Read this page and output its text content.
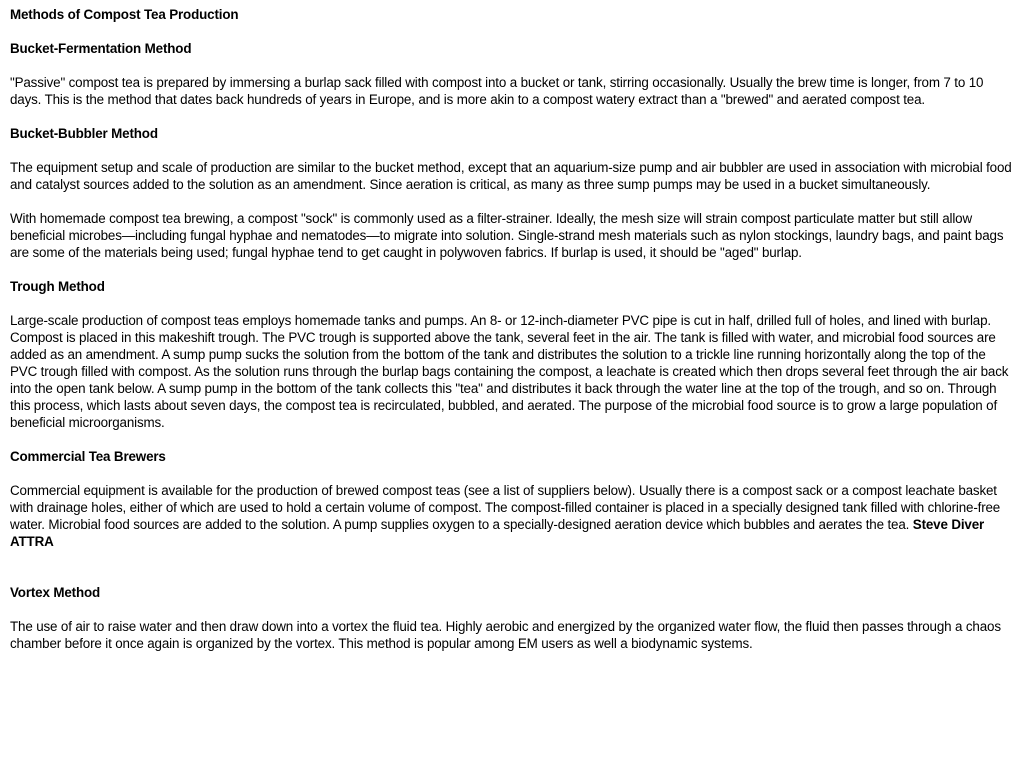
Methods of Compost Tea Production
Bucket-Fermentation Method

"Passive" compost tea is prepared by immersing a burlap sack filled with compost into a bucket or tank, stirring occasionally. Usually the brew time is longer, from 7 to 10 days. This is the method that dates back hundreds of years in Europe, and is more akin to a compost watery extract than a "brewed" and aerated compost tea.

Bucket-Bubbler Method

The equipment setup and scale of production are similar to the bucket method, except that an aquarium-size pump and air bubbler are used in association with microbial food and catalyst sources added to the solution as an amendment. Since aeration is critical, as many as three sump pumps may be used in a bucket simultaneously.

With homemade compost tea brewing, a compost "sock" is commonly used as a filter-strainer. Ideally, the mesh size will strain compost particulate matter but still allow beneficial microbes—including fungal hyphae and nematodes—to migrate into solution. Single-strand mesh materials such as nylon stockings, laundry bags, and paint bags are some of the materials being used; fungal hyphae tend to get caught in polywoven fabrics. If burlap is used, it should be "aged" burlap.

Trough Method

Large-scale production of compost teas employs homemade tanks and pumps. An 8- or 12-inch-diameter PVC pipe is cut in half, drilled full of holes, and lined with burlap. Compost is placed in this makeshift trough. The PVC trough is supported above the tank, several feet in the air. The tank is filled with water, and microbial food sources are added as an amendment. A sump pump sucks the solution from the bottom of the tank and distributes the solution to a trickle line running horizontally along the top of the PVC trough filled with compost. As the solution runs through the burlap bags containing the compost, a leachate is created which then drops several feet through the air back into the open tank below. A sump pump in the bottom of the tank collects this "tea" and distributes it back through the water line at the top of the trough, and so on. Through this process, which lasts about seven days, the compost tea is recirculated, bubbled, and aerated. The purpose of the microbial food source is to grow a large population of beneficial microorganisms.

Commercial Tea Brewers

Commercial equipment is available for the production of brewed compost teas (see a list of suppliers below). Usually there is a compost sack or a compost leachate basket with drainage holes, either of which are used to hold a certain volume of compost. The compost-filled container is placed in a specially designed tank filled with chlorine-free water. Microbial food sources are added to the solution. A pump supplies oxygen to a specially-designed aeration device which bubbles and aerates the tea. Steve Diver ATTRA

Vortex Method

The use of air to raise water and then draw down into a vortex the fluid tea. Highly aerobic and energized by the organized water flow, the fluid then passes through a chaos chamber before it once again is organized by the vortex. This method is popular among EM users as well a biodynamic systems.
